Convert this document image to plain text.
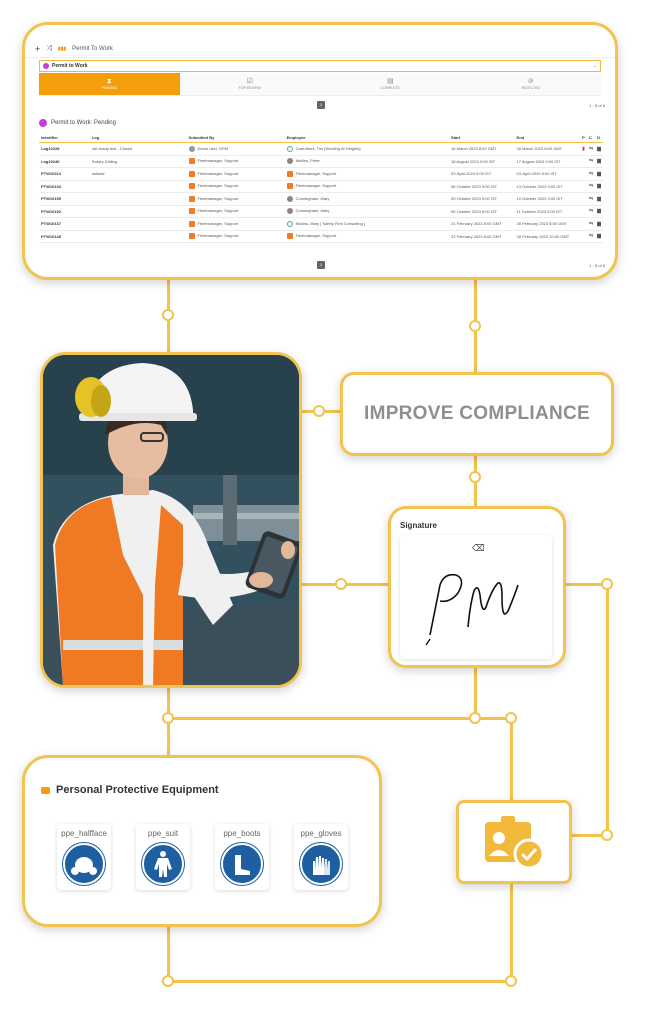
+ ⤨ ▮▮▮ Permit To Work
Permit to Work	⌄
⧗
PENDING
☑
FOR REVIEW
▤
COMPLETE
⊘
REJECTED
1	1 - 8 of 8
Permit to Work: Pending
Identifier	Log	Submitted By	Employee	Start	End	P	C	D
Log10228	ctrl dcsdy test - Closed	Demo user, DPM	Carruthers, Tim [Working At Heights]	16 March 2023 8:00 GMT	28 March 2023 8:00 GMT	▮	⇆	▆
Log10240	Rotary Drilling	Fleetmanager, Support	Mullins, Peter	18 August 2024 9:00 IST	17 August 2024 9:00 IST		⇆	▆
PTW10213	dsfsdsf	Fleetmanager, Support	Fleetmanager, Support	03-April-2024 9:00 IST	03-April-2024 9:00 IST		⇆	▆
PTW10194		Fleetmanager, Support	Fleetmanager, Support	06 October 2023 9:00 IST	13 October 2023 9:00 IST		⇆	▆
PTW10195		Fleetmanager, Support	Cunningham, Mary	09 October 2023 9:00 IST	10 October 2023 9:00 IST		⇆	▆
PTW10192		Fleetmanager, Support	Cunningham, Mary	05 October 2023 9:00 IST	11 October 2023 9:00 IST		⇆	▆
PTW10137		Fleetmanager, Support	Mullins, Mary [ Safety First Consulting ]	21 February 2023 8:00 GMT	28 February 2023 8:00 GMT		⇆	▆
PTW10148		Fleetmanager, Support	Fleetmanager, Support	23 February 2023 8:00 GMT	28 February 2023 10:00 GMT		⇆	▆
1	1 - 8 of 8
IMPROVE COMPLIANCE
Signature
⌫
Personal Protective Equipment
ppe_halfface	ppe_suit	ppe_boots	ppe_gloves
